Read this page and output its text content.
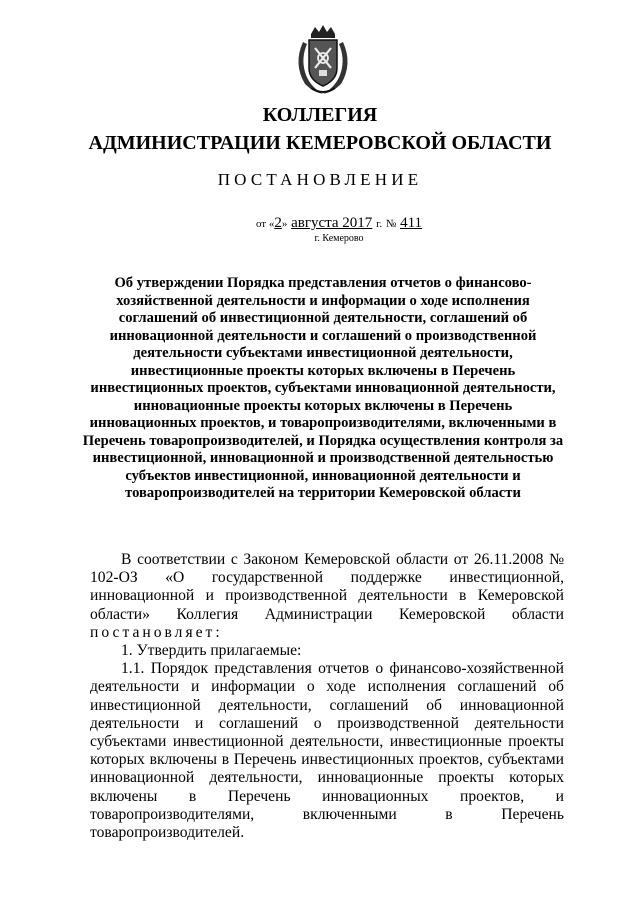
КОЛЛЕГИЯ
АДМИНИСТРАЦИИ КЕМЕРОВСКОЙ ОБЛАСТИ
ПОСТАНОВЛЕНИЕ
от «2» августа 2017 г. № 411
г. Кемерово
Об утверждении Порядка представления отчетов о финансово-хозяйственной деятельности и информации о ходе исполнения соглашений об инвестиционной деятельности, соглашений об инновационной деятельности и соглашений о производственной деятельности субъектами инвестиционной деятельности, инвестиционные проекты которых включены в Перечень инвестиционных проектов, субъектами инновационной деятельности, инновационные проекты которых включены в Перечень инновационных проектов, и товаропроизводителями, включенными в Перечень товаропроизводителей, и Порядка осуществления контроля за инвестиционной, инновационной и производственной деятельностью субъектов инвестиционной, инновационной деятельности и товаропроизводителей на территории Кемеровской области

В соответствии с Законом Кемеровской области от 26.11.2008 № 102-ОЗ «О государственной поддержке инвестиционной, инновационной и производственной деятельности в Кемеровской области» Коллегия Администрации Кемеровской области постановляет:

1. Утвердить прилагаемые:

1.1. Порядок представления отчетов о финансово-хозяйственной деятельности и информации о ходе исполнения соглашений об инвестиционной деятельности, соглашений об инновационной деятельности и соглашений о производственной деятельности субъектами инвестиционной деятельности, инвестиционные проекты которых включены в Перечень инвестиционных проектов, субъектами инновационной деятельности, инновационные проекты которых включены в Перечень инновационных проектов, и товаропроизводителями, включенными в Перечень товаропроизводителей.
